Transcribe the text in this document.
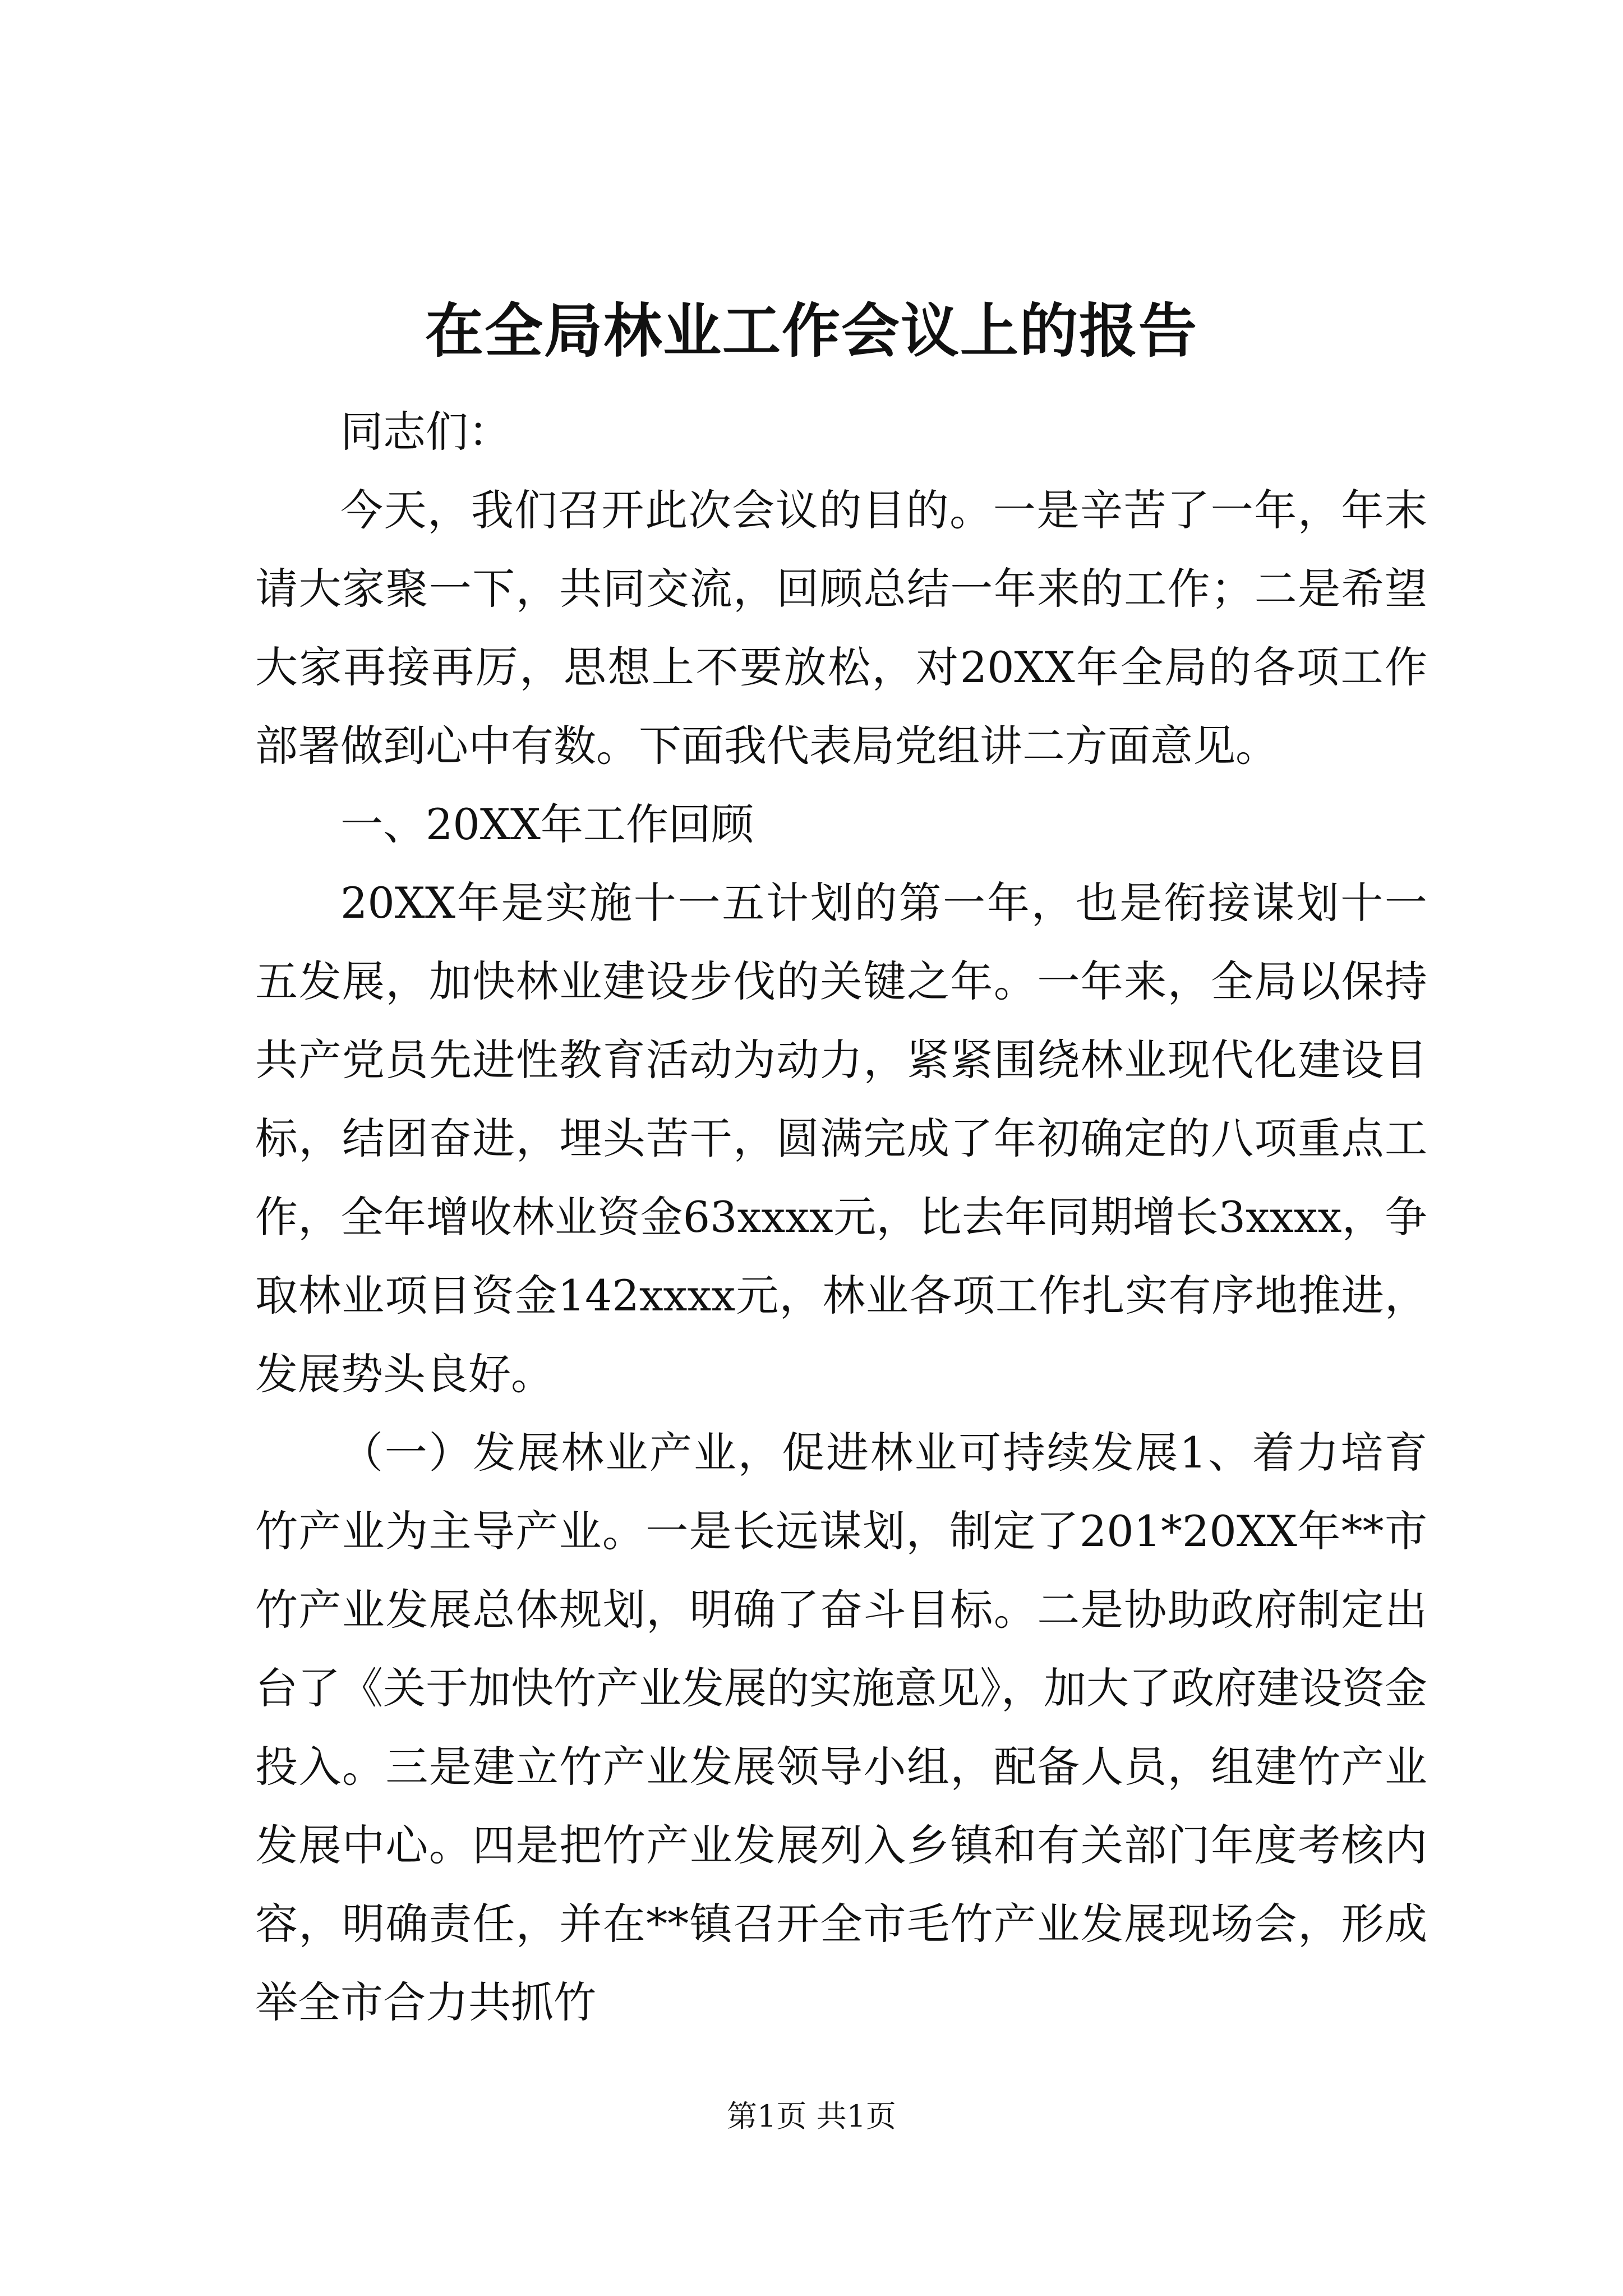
在全局林业工作会议上的报告

同志们：

今天，我们召开此次会议的目的。一是辛苦了一年，年末请大家聚一下，共同交流，回顾总结一年来的工作；二是希望大家再接再厉，思想上不要放松，对20XX年全局的各项工作部署做到心中有数。下面我代表局党组讲二方面意见。

一、20XX年工作回顾

20XX年是实施十一五计划的第一年，也是衔接谋划十一五发展，加快林业建设步伐的关键之年。一年来，全局以保持共产党员先进性教育活动为动力，紧紧围绕林业现代化建设目标，结团奋进，埋头苦干，圆满完成了年初确定的八项重点工作，全年增收林业资金63xxxx元，比去年同期增长3xxxx，争取林业项目资金142xxxx元，林业各项工作扎实有序地推进，发展势头良好。

（一）发展林业产业，促进林业可持续发展1、着力培育竹产业为主导产业。一是长远谋划，制定了201*20XX年**市竹产业发展总体规划，明确了奋斗目标。二是协助政府制定出台了《关于加快竹产业发展的实施意见》，加大了政府建设资金投入。三是建立竹产业发展领导小组，配备人员，组建竹产业发展中心。四是把竹产业发展列入乡镇和有关部门年度考核内容，明确责任，并在**镇召开全市毛竹产业发展现场会，形成举全市合力共抓竹

第1页 共1页
